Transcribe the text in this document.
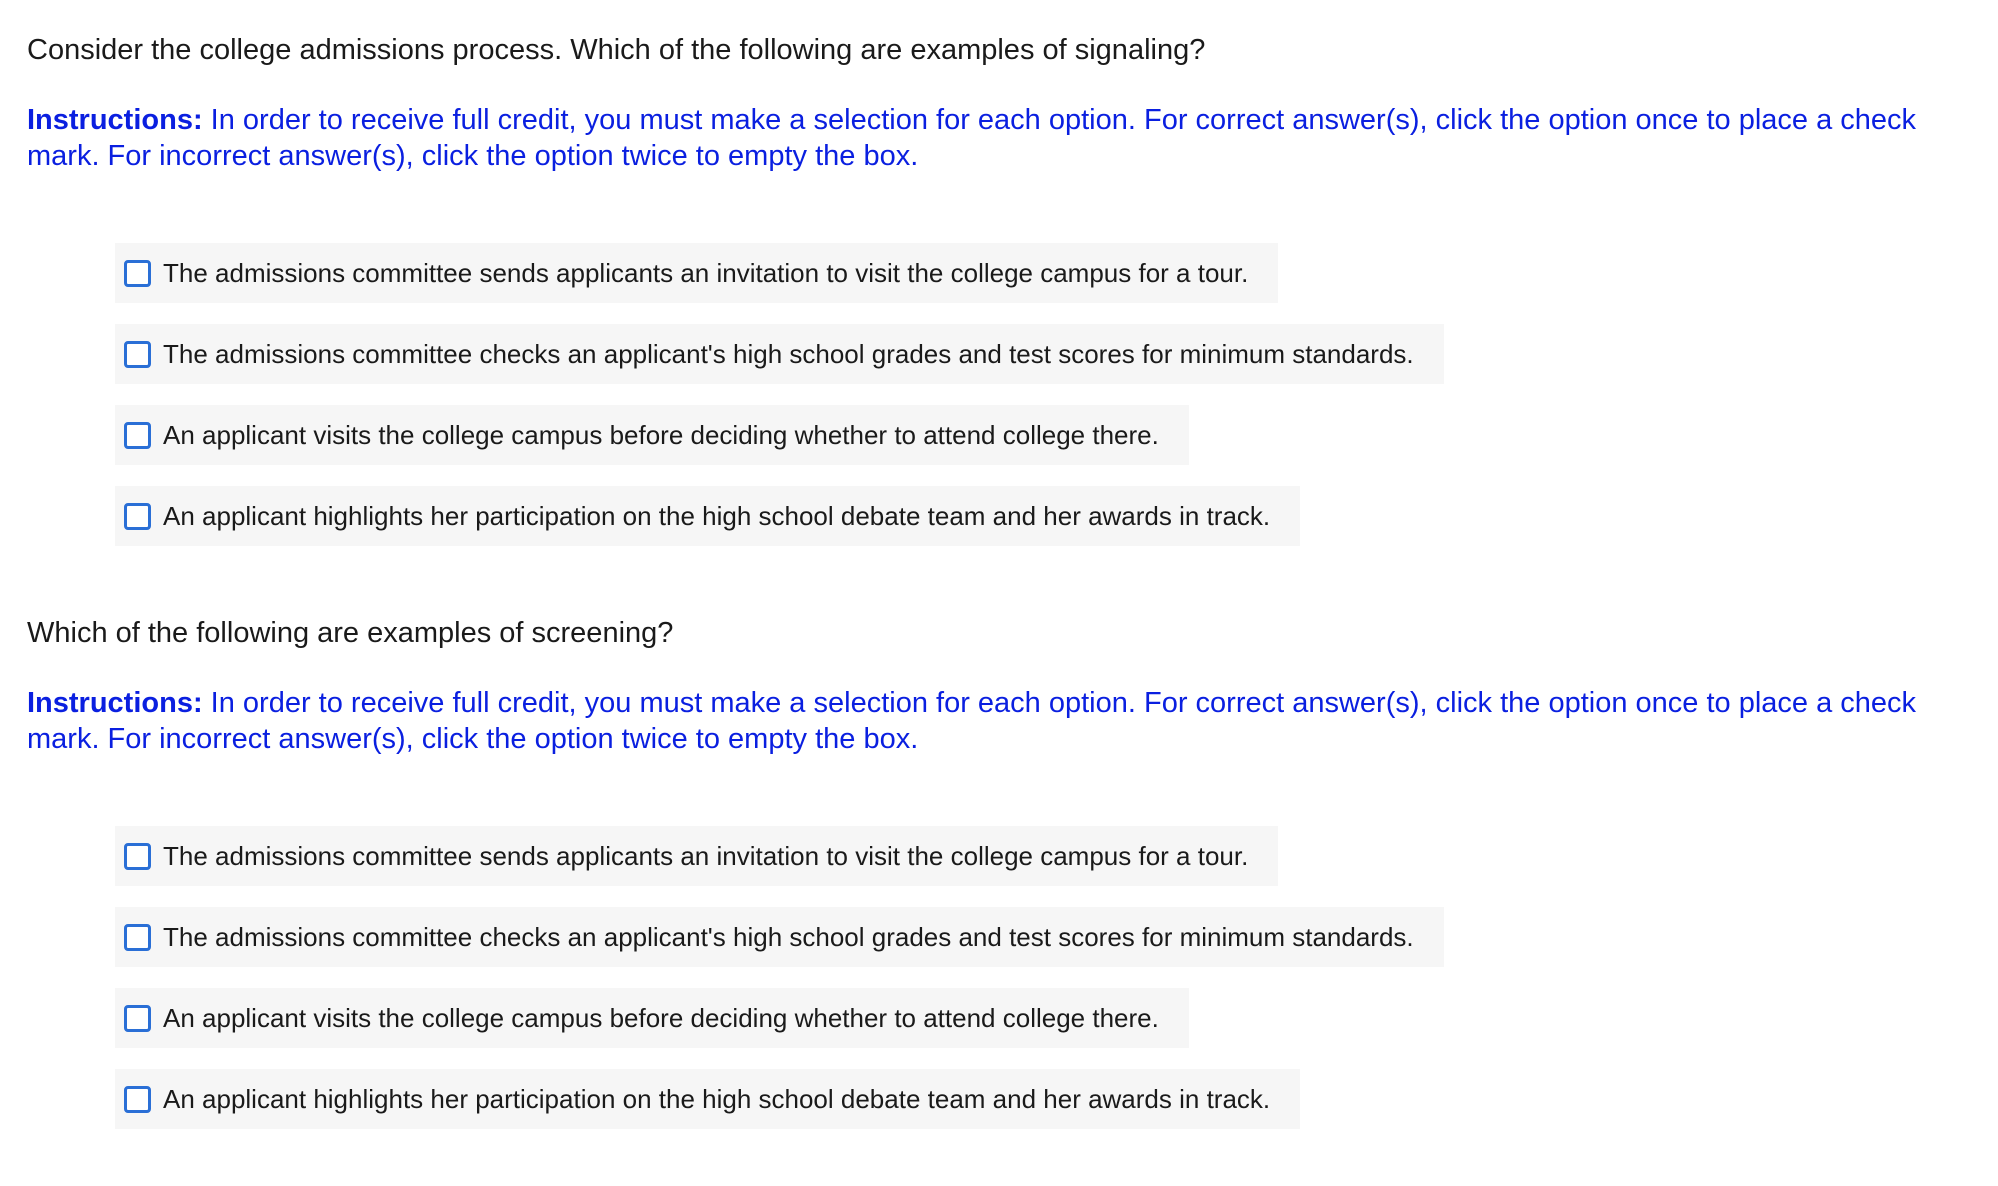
Consider the college admissions process. Which of the following are examples of signaling?

Instructions: In order to receive full credit, you must make a selection for each option. For correct answer(s), click the option once to place a check mark. For incorrect answer(s), click the option twice to empty the box.

The admissions committee sends applicants an invitation to visit the college campus for a tour.
The admissions committee checks an applicant's high school grades and test scores for minimum standards.
An applicant visits the college campus before deciding whether to attend college there.
An applicant highlights her participation on the high school debate team and her awards in track.

Which of the following are examples of screening?

Instructions: In order to receive full credit, you must make a selection for each option. For correct answer(s), click the option once to place a check mark. For incorrect answer(s), click the option twice to empty the box.

The admissions committee sends applicants an invitation to visit the college campus for a tour.
The admissions committee checks an applicant's high school grades and test scores for minimum standards.
An applicant visits the college campus before deciding whether to attend college there.
An applicant highlights her participation on the high school debate team and her awards in track.
